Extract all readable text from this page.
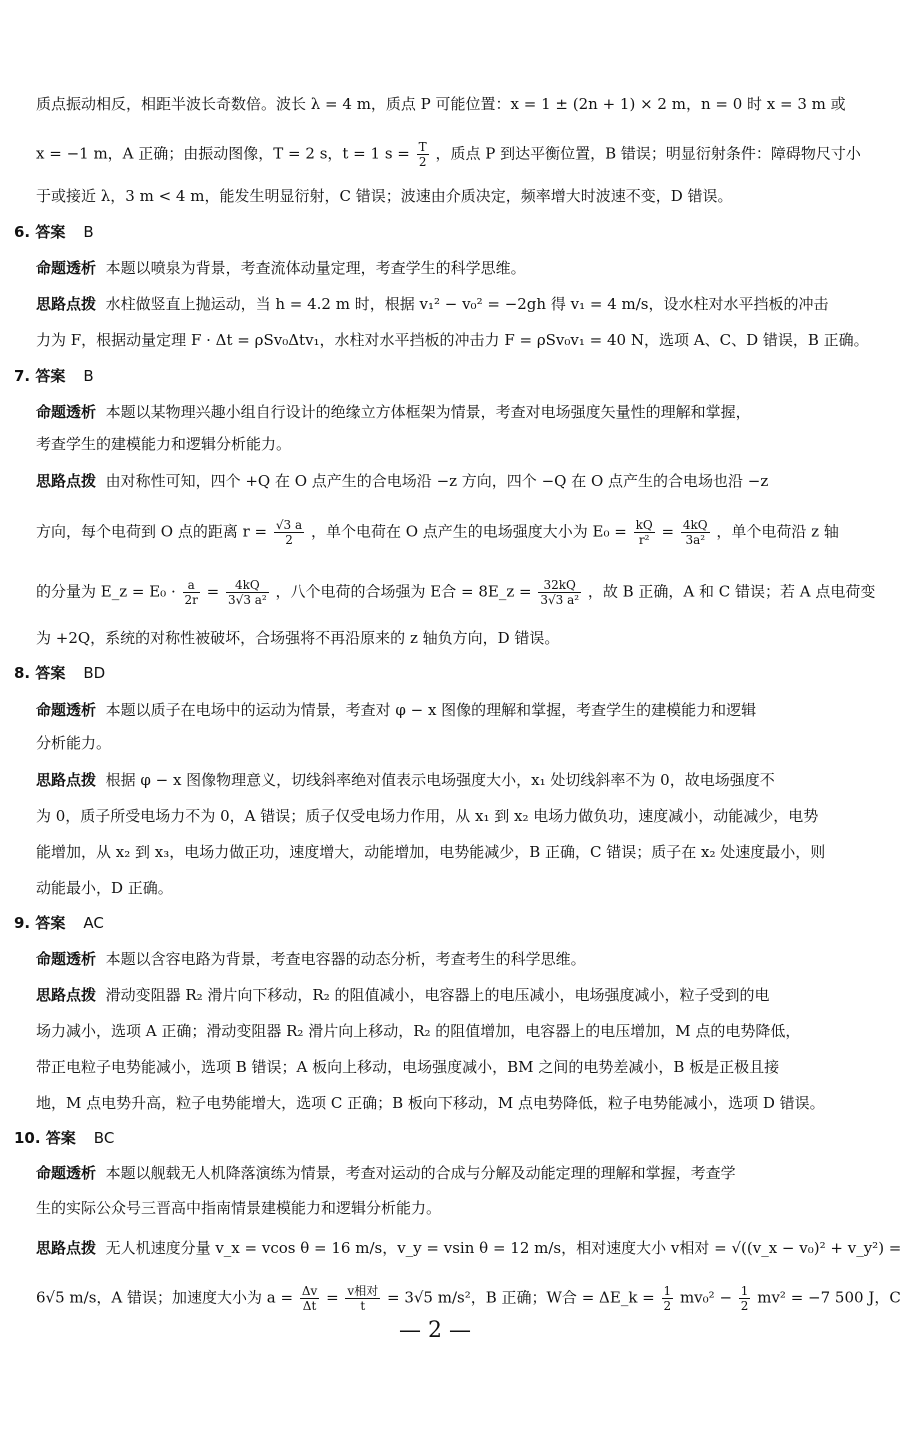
质点振动相反，相距半波长奇数倍。波长 λ = 4 m，质点 P 可能位置：x = 1 ± (2n + 1) × 2 m，n = 0 时 x = 3 m 或
x = −1 m，A 正确；由振动图像，T = 2 s，t = 1 $s = \frac{T}{2}$ ，质点 P 到达平衡位置，B 错误；明显衍射条件：障碍物尺寸小
于或接近 λ，3 m < 4 m，能发生明显衍射，C 错误；波速由介质决定，频率增大时波速不变，D 错误。
6. 答案 B
命题透析 本题以喷泉为背景，考查流体动量定理，考查学生的科学思维。
思路点拨 水柱做竖直上抛运动，当 h = 4.2 m 时，根据 v₁² − v₀² = −2gh 得 v₁ = 4 m/s，设水柱对水平挡板的冲击
力为 F，根据动量定理 F · Δt = ρSv₀Δtv₁，水柱对水平挡板的冲击力 F = ρSv₀v₁ = 40 N，选项 A、C、D 错误，B 正确。
7. 答案 B
命题透析 本题以某物理兴趣小组自行设计的绝缘立方体框架为情景，考查对电场强度矢量性的理解和掌握，
考查学生的建模能力和逻辑分析能力。
思路点拨 由对称性可知，四个 +Q 在 O 点产生的合电场沿 −z 方向，四个 −Q 在 O 点产生的合电场也沿 −z
方向，每个电荷到 O 点的距离 $r = \frac{√3 a}{2}$ ，单个电荷在 O 点产生的电场强度大小为 $E_0 = \frac{kQ}{\text{r²}} = \frac{4kQ}{\text{3a²}}$ ，单个电荷沿 z 轴
的分量为 E_z = $E_0 \cdot \frac{a}{2r} = \frac{4kQ}{\text{3√3 a²}}$ ，八个电荷的合场强为 E合 = 8E_z = $\frac{32kQ}{\text{3√3 a²}}$ ，故 B 正确，A 和 C 错误；若 A 点电荷变
为 +2Q，系统的对称性被破坏，合场强将不再沿原来的 z 轴负方向，D 错误。
8. 答案 BD
命题透析 本题以质子在电场中的运动为情景，考查对 φ − x 图像的理解和掌握，考查学生的建模能力和逻辑
分析能力。
思路点拨 根据 φ − x 图像物理意义，切线斜率绝对值表示电场强度大小，x₁ 处切线斜率不为 0，故电场强度不
为 0，质子所受电场力不为 0，A 错误；质子仅受电场力作用，从 x₁ 到 x₂ 电场力做负功，速度减小，动能减少，电势
能增加，从 x₂ 到 x₃，电场力做正功，速度增大，动能增加，电势能减少，B 正确，C 错误；质子在 x₂ 处速度最小，则
动能最小，D 正确。
9. 答案 AC
命题透析 本题以含容电路为背景，考查电容器的动态分析，考查考生的科学思维。
思路点拨 滑动变阻器 R₂ 滑片向下移动，R₂ 的阻值减小，电容器上的电压减小，电场强度减小，粒子受到的电
场力减小，选项 A 正确；滑动变阻器 R₂ 滑片向上移动，R₂ 的阻值增加，电容器上的电压增加，M 点的电势降低，
带正电粒子电势能减小，选项 B 错误；A 板向上移动，电场强度减小，BM 之间的电势差减小，B 板是正极且接
地，M 点电势升高，粒子电势能增大，选项 C 正确；B 板向下移动，M 点电势降低，粒子电势能减小，选项 D 错误。
10. 答案 BC
命题透析 本题以舰载无人机降落演练为情景，考查对运动的合成与分解及动能定理的理解和掌握，考查学
生的实际公众号三晋高中指南情景建模能力和逻辑分析能力。
思路点拨 无人机速度分量 v_x = vcos θ = 16 m/s，v_y = vsin θ = 12 m/s，相对速度大小 v相对 = √((v_x − v₀)² + v_y²) =
6√5 m/s，A 错误；加速度大小为 $a = \frac{\Delta v}{\Delta t} = \frac{\text{v相对}}{t} = 3√5$ m/s²，B 正确；W合 = ΔE_k = $\frac{1}{2} mv_0^2 - \frac{1}{2} mv^2 = -7$ 500 J，C
— 2 —
